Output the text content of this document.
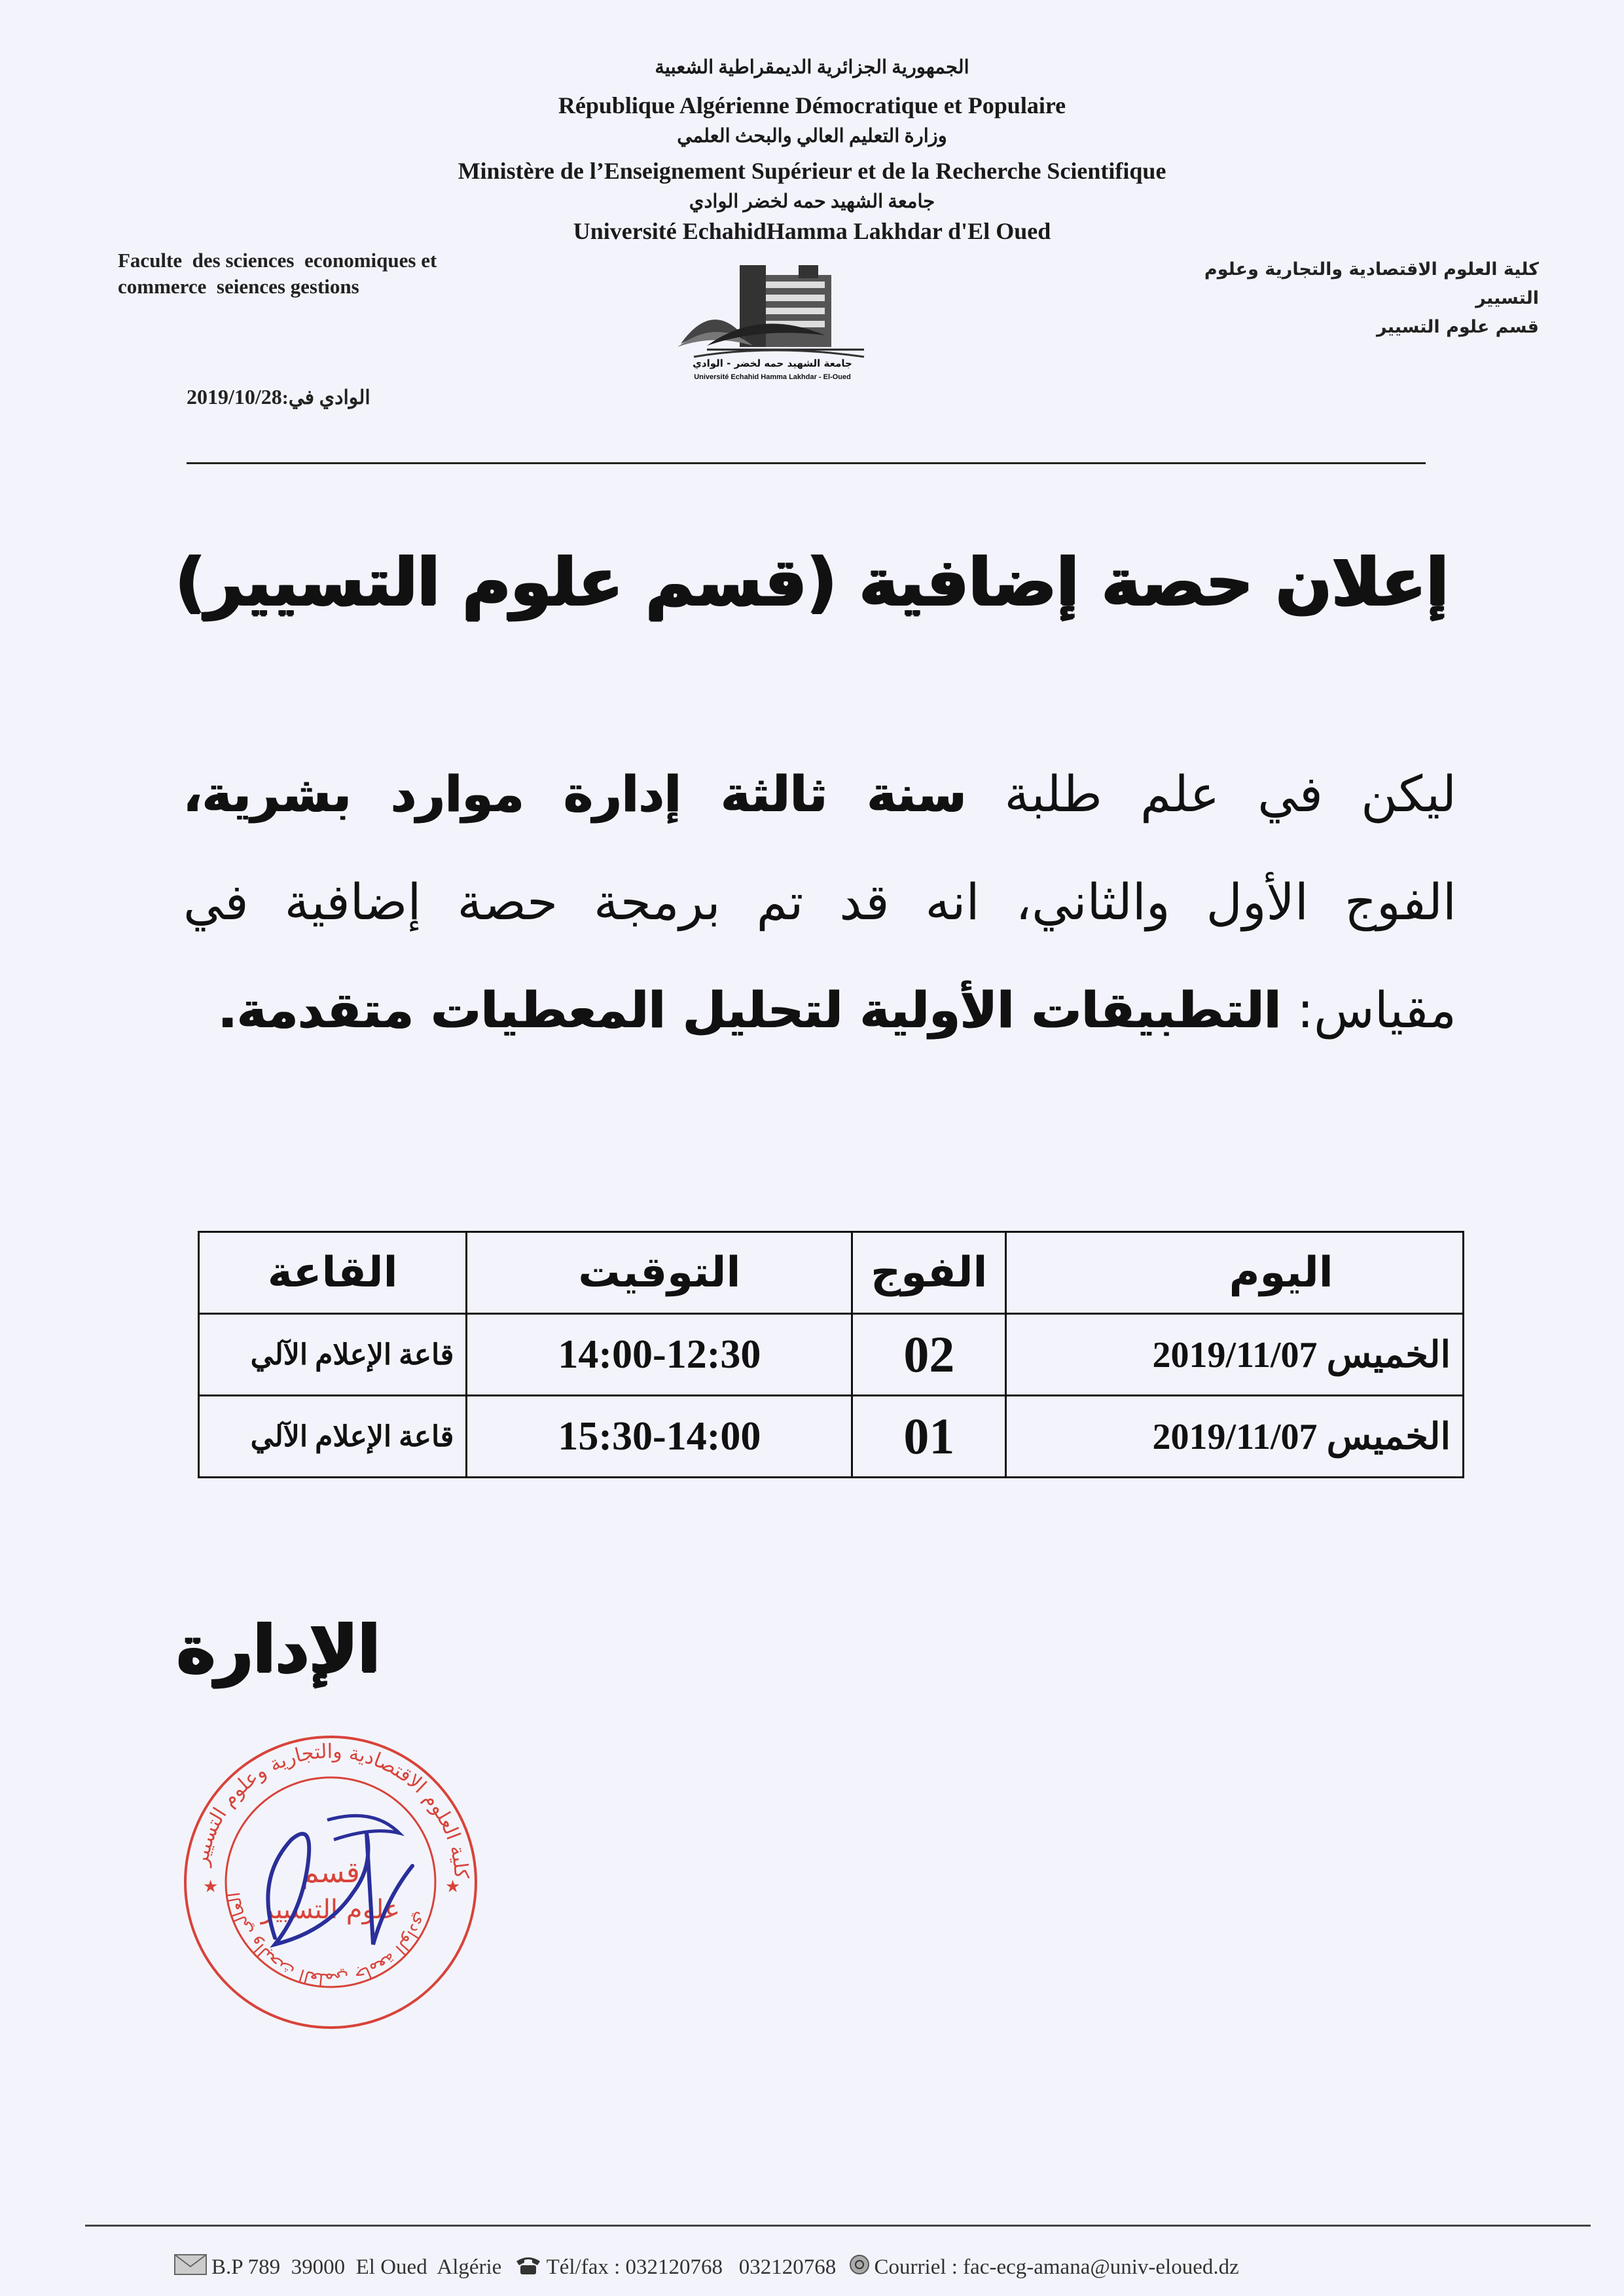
الجمهورية الجزائرية الديمقراطية الشعبية
République Algérienne Démocratique et Populaire
وزارة التعليم العالي والبحث العلمي
Ministère de l’Enseignement Supérieur et de la Recherche Scientifique
جامعة الشهيد حمه لخضر الوادي
Université EchahidHamma Lakhdar d'El Oued
Faculte  des sciences  economiques et
commerce  seiences gestions
كلية العلوم الاقتصادية والتجارية وعلوم التسيير
قسم علوم التسيير
جامعة الشهيد حمه لخضر - الوادي
Université Echahid Hamma Lakhdar - El-Oued
2019/10/28الوادي في:
إعلان حصة إضافية (قسم علوم التسيير)
ليكن في علم طلبة سنة ثالثة إدارة موارد بشرية،
الفوج الأول والثاني، انه قد تم برمجة حصة إضافية في
مقياس: التطبيقات الأولية لتحليل المعطيات متقدمة.
اليوم	الفوج	التوقيت	القاعة
الخميس 2019/11/07	02	14:00-12:30	قاعة الإعلام الآلي
الخميس 2019/11/07	01	15:30-14:00	قاعة الإعلام الآلي
الإدارة
كلية العلوم الاقتصادية والتجارية وعلوم التسيير
العالي والبحث العلمي جامعة الوادي
★	★
قسم
علوم التسيير
B.P 789  39000  El Oued  Algérie Tél/fax : 032120768   032120768 Courriel : fac-ecg-amana@univ-eloued.dz
